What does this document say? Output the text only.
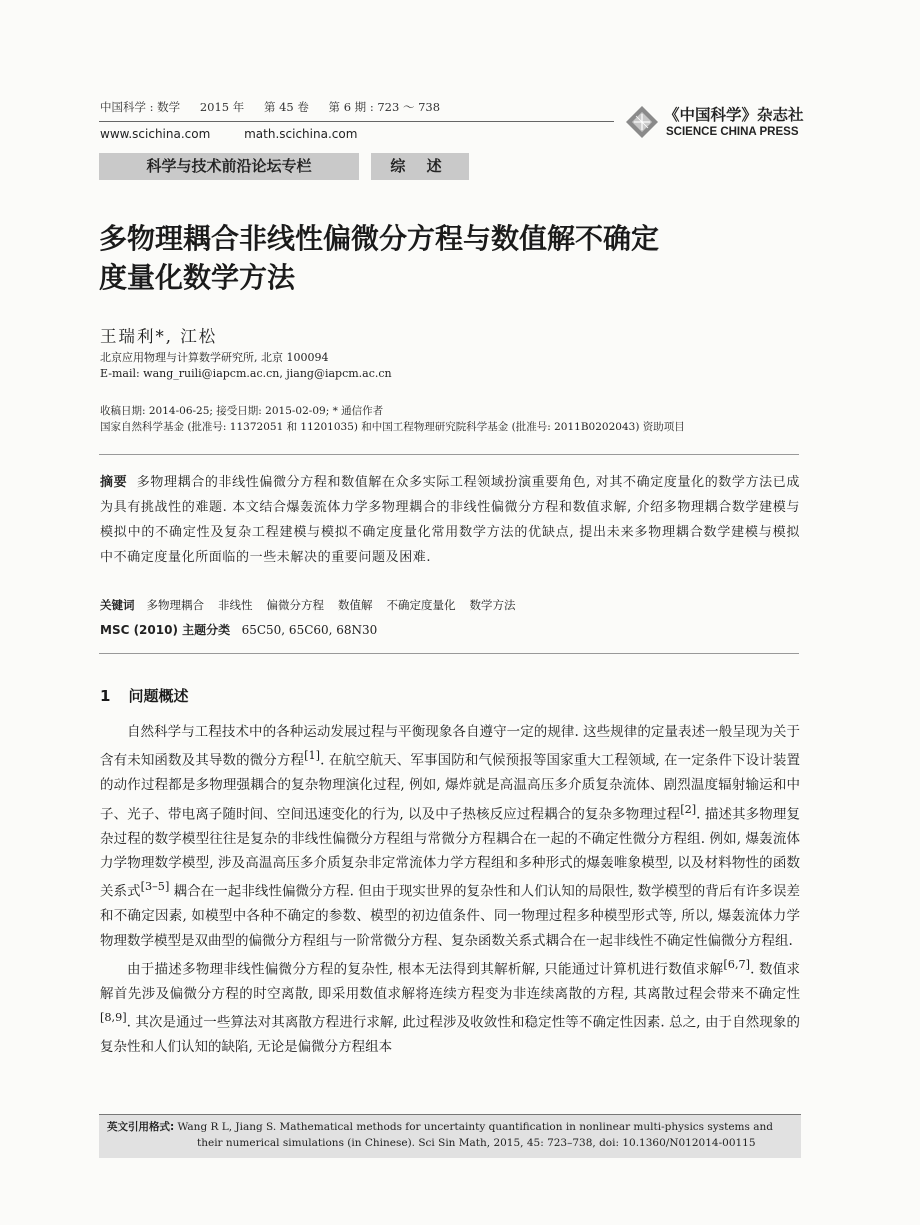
中国科学 : 数学 2015 年 第 45 卷 第 6 期 : 723 ～ 738
www.scichina.com	math.scichina.com
《中国科学》杂志社
SCIENCE CHINA PRESS
科学与技术前沿论坛专栏	综 述
多物理耦合非线性偏微分方程与数值解不确定
度量化数学方法
王瑞利*, 江松
北京应用物理与计算数学研究所, 北京 100094
E-mail: wang_ruili@iapcm.ac.cn, jiang@iapcm.ac.cn
收稿日期: 2014-06-25; 接受日期: 2015-02-09; * 通信作者
国家自然科学基金 (批准号: 11372051 和 11201035) 和中国工程物理研究院科学基金 (批准号: 2011B0202043) 资助项目
摘要 多物理耦合的非线性偏微分方程和数值解在众多实际工程领域扮演重要角色, 对其不确定度量化的数学方法已成为具有挑战性的难题. 本文结合爆轰流体力学多物理耦合的非线性偏微分方程和数值求解, 介绍多物理耦合数学建模与模拟中的不确定性及复杂工程建模与模拟不确定度量化常用数学方法的优缺点, 提出未来多物理耦合数学建模与模拟中不确定度量化所面临的一些未解决的重要问题及困难.
关键词 多物理耦合 非线性 偏微分方程 数值解 不确定度量化 数学方法
MSC (2010) 主题分类 65C50, 65C60, 68N30
1 问题概述

自然科学与工程技术中的各种运动发展过程与平衡现象各自遵守一定的规律. 这些规律的定量表述一般呈现为关于含有未知函数及其导数的微分方程[1]. 在航空航天、军事国防和气候预报等国家重大工程领域, 在一定条件下设计装置的动作过程都是多物理强耦合的复杂物理演化过程, 例如, 爆炸就是高温高压多介质复杂流体、剧烈温度辐射输运和中子、光子、带电离子随时间、空间迅速变化的行为, 以及中子热核反应过程耦合的复杂多物理过程[2]. 描述其多物理复杂过程的数学模型往往是复杂的非线性偏微分方程组与常微分方程耦合在一起的不确定性微分方程组. 例如, 爆轰流体力学物理数学模型, 涉及高温高压多介质复杂非定常流体力学方程组和多种形式的爆轰唯象模型, 以及材料物性的函数关系式[3–5] 耦合在一起非线性偏微分方程. 但由于现实世界的复杂性和人们认知的局限性, 数学模型的背后有许多误差和不确定因素, 如模型中各种不确定的参数、模型的初边值条件、同一物理过程多种模型形式等, 所以, 爆轰流体力学物理数学模型是双曲型的偏微分方程组与一阶常微分方程、复杂函数关系式耦合在一起非线性不确定性偏微分方程组.

由于描述多物理非线性偏微分方程的复杂性, 根本无法得到其解析解, 只能通过计算机进行数值求解[6,7]. 数值求解首先涉及偏微分方程的时空离散, 即采用数值求解将连续方程变为非连续离散的方程, 其离散过程会带来不确定性[8,9]. 其次是通过一些算法对其离散方程进行求解, 此过程涉及收敛性和稳定性等不确定性因素. 总之, 由于自然现象的复杂性和人们认知的缺陷, 无论是偏微分方程组本

英文引用格式: Wang R L, Jiang S. Mathematical methods for uncertainty quantification in nonlinear multi-physics systems and
their numerical simulations (in Chinese). Sci Sin Math, 2015, 45: 723–738, doi: 10.1360/N012014-00115
